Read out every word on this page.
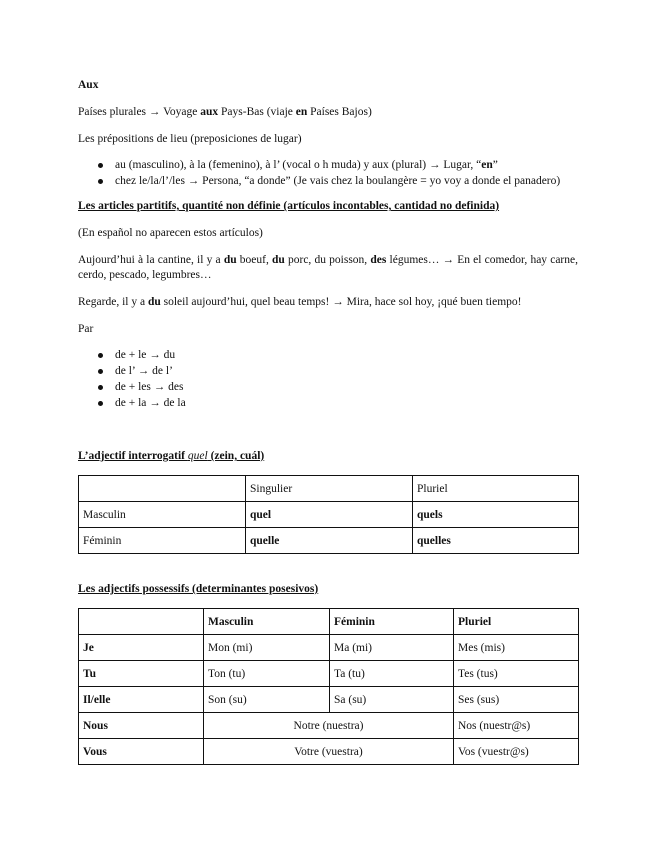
Aux

Países plurales → Voyage aux Pays-Bas (viaje en Países Bajos)

Les prépositions de lieu (preposiciones de lugar)

au (masculino), à la (femenino), à l’ (vocal o h muda) y aux (plural) → Lugar, “en”
chez le/la/l’/les → Persona, “a donde” (Je vais chez la boulangère = yo voy a donde el panadero)

Les articles partitifs, quantité non définie (artículos incontables, cantidad no definida)

(En español no aparecen estos artículos)

Aujourd’hui à la cantine, il y a du boeuf, du porc, du poisson, des légumes… → En el comedor, hay carne, cerdo, pescado, legumbres…

Regarde, il y a du soleil aujourd’hui, quel beau temps! → Mira, hace sol hoy, ¡qué buen tiempo!

Par

de + le → du
de l’ → de l’
de + les → des
de + la → de la

L’adjectif interrogatif quel (zein, cuál)

	Singulier	Pluriel
Masculin	quel	quels
Féminin	quelle	quelles

Les adjectifs possessifs (determinantes posesivos)

	Masculin	Féminin	Pluriel
Je	Mon (mi)	Ma (mi)	Mes (mis)
Tu	Ton (tu)	Ta (tu)	Tes (tus)
Il/elle	Son (su)	Sa (su)	Ses (sus)
Nous	Notre (nuestra)		Nos (nuestr@s)
Vous	Votre (vuestra)		Vos (vuestr@s)
